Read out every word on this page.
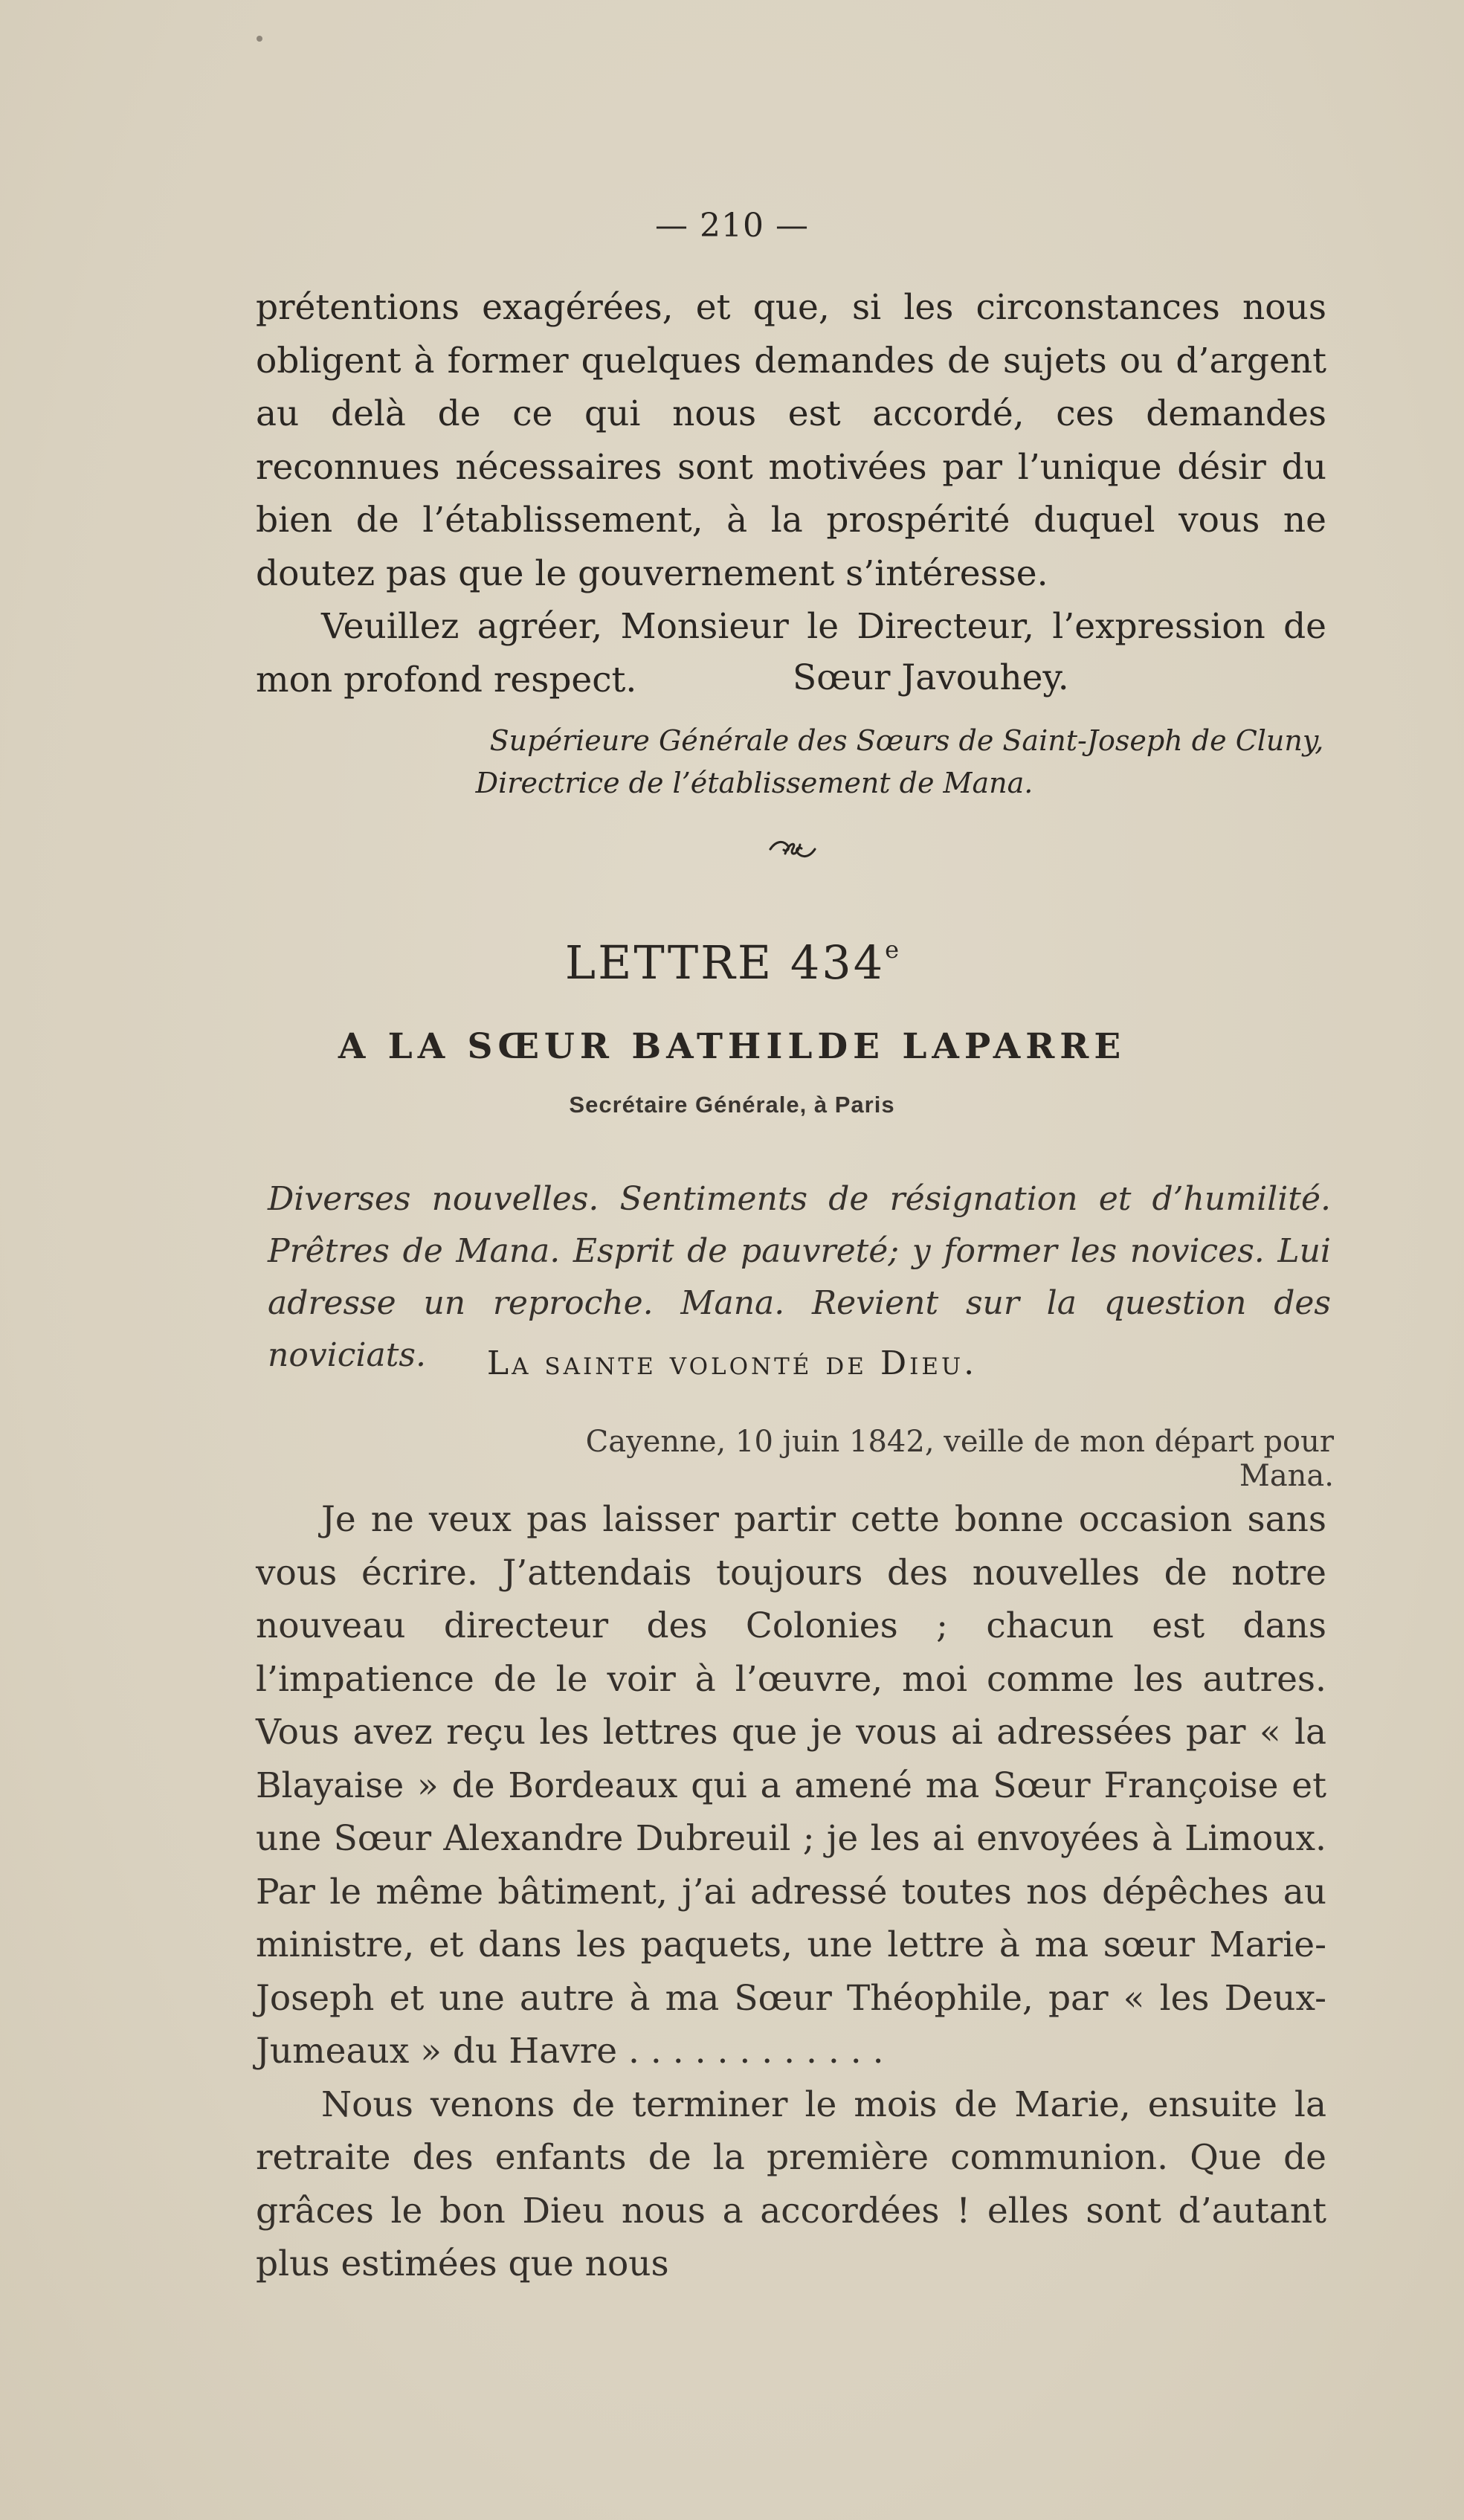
— 210 —

prétentions exagérées, et que, si les circonstances nous obligent à former quelques demandes de sujets ou d’argent au delà de ce qui nous est accordé, ces demandes reconnues nécessaires sont motivées par l’unique désir du bien de l’établissement, à la prospérité duquel vous ne doutez pas que le gouvernement s’intéresse.

Veuillez agréer, Monsieur le Directeur, l’expression de mon profond respect.	Sœur Javouhey.
Supérieure Générale des Sœurs de Saint-Joseph de Cluny,
Directrice de l’établissement de Mana.
LETTRE 434e
A LA SŒUR BATHILDE LAPARRE
Secrétaire Générale, à Paris
Diverses nouvelles. Sentiments de résignation et d’humilité. Prêtres de Mana. Esprit de pauvreté; y former les novices. Lui adresse un reproche. Mana. Revient sur la question des noviciats.	La sainte volonté de Dieu.
Cayenne, 10 juin 1842, veille de mon départ pour Mana.

Je ne veux pas laisser partir cette bonne occasion sans vous écrire. J’attendais toujours des nouvelles de notre nouveau directeur des Colonies ; chacun est dans l’impatience de le voir à l’œuvre, moi comme les autres. Vous avez reçu les lettres que je vous ai adressées par « la Blayaise » de Bordeaux qui a amené ma Sœur Françoise et une Sœur Alexandre Dubreuil ; je les ai envoyées à Limoux. Par le même bâtiment, j’ai adressé toutes nos dépêches au ministre, et dans les paquets, une lettre à ma sœur Marie-Joseph et une autre à ma Sœur Théophile, par « les Deux-Jumeaux » du Havre . . . . . . . . . . . .

Nous venons de terminer le mois de Marie, ensuite la retraite des enfants de la première communion. Que de grâces le bon Dieu nous a accordées ! elles sont d’autant plus estimées que nous
